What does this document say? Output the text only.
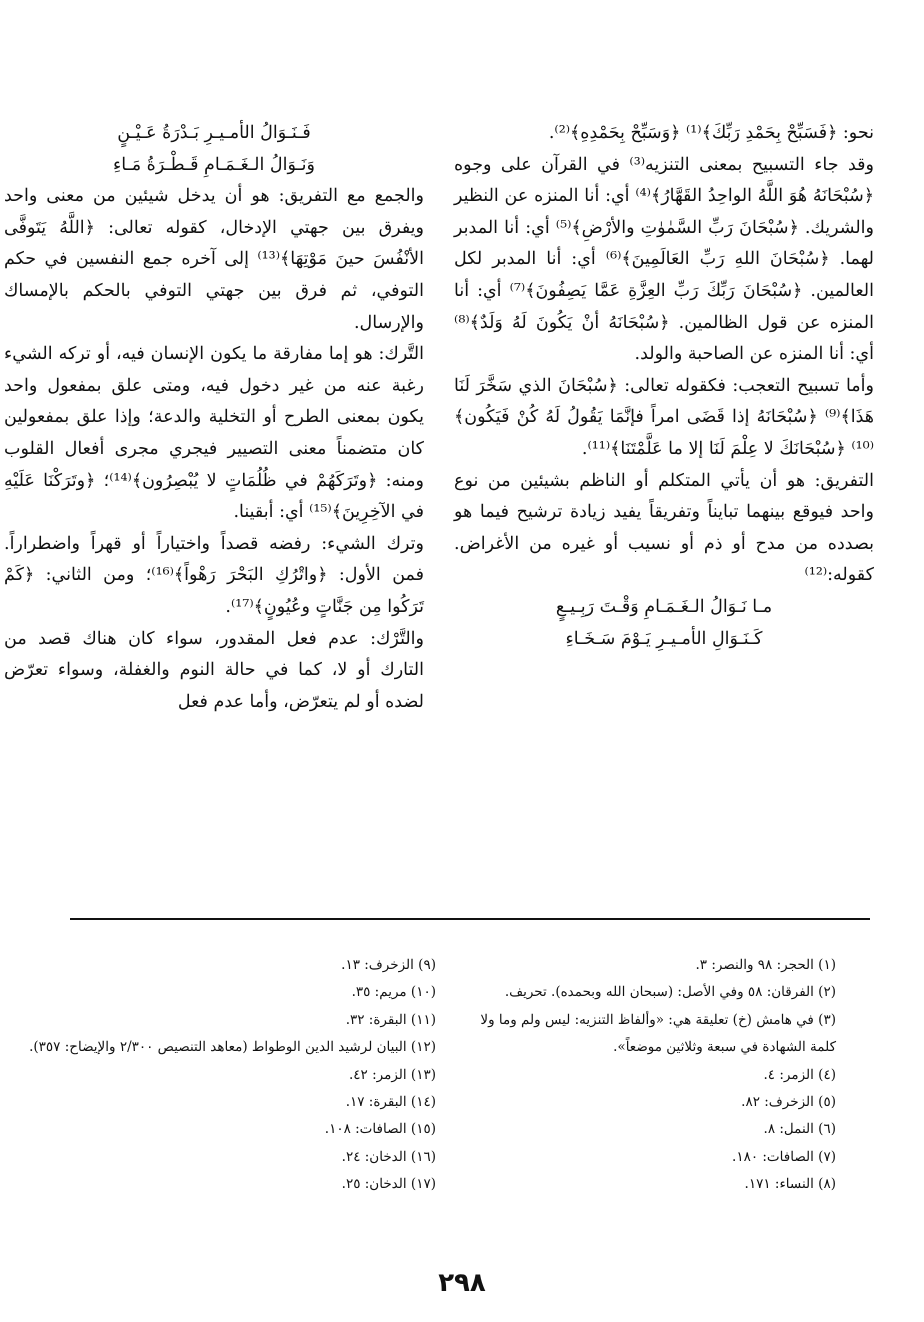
نحو: ﴿فَسَبِّحْ بِحَمْدِ رَبِّكَ﴾⁽¹⁾ ﴿وَسَبِّحْ بِحَمْدِهِ﴾⁽²⁾.

وقد جاء التسبيح بمعنى التنزيه⁽³⁾ في القرآن على وجوه ﴿سُبْحَانَهُ هُوَ اللَّهُ الواحِدُ القَهَّارُ﴾⁽⁴⁾ أي: أنا المنزه عن النظير والشريك. ﴿سُبْحَانَ رَبِّ السَّمٰوٰتِ والأرْضِ﴾⁽⁵⁾ أي: أنا المدبر لهما. ﴿سُبْحَانَ اللهِ رَبِّ العَالَمِينَ﴾⁽⁶⁾ أي: أنا المدبر لكل العالمين. ﴿سُبْحَانَ رَبِّكَ رَبِّ العِزَّةِ عَمَّا يَصِفُونَ﴾⁽⁷⁾ أي: أنا المنزه عن قول الظالمين. ﴿سُبْحَانَهُ أنْ يَكُونَ لَهُ وَلَدٌ﴾⁽⁸⁾ أي: أنا المنزه عن الصاحبة والولد.

وأما تسبيح التعجب: فكقوله تعالى: ﴿سُبْحَانَ الذي سَخَّرَ لَنَا هَذَا﴾⁽⁹⁾ ﴿سُبْحَانَهُ إذا قَضَى امراً فإنَّمَا يَقُولُ لَهُ كُنْ فَيَكُون﴾⁽¹⁰⁾ ﴿سُبْحَانَكَ لا عِلْمَ لَنَا إلا ما عَلَّمْتَنَا﴾⁽¹¹⁾.

التفريق: هو أن يأتي المتكلم أو الناظم بشيئين من نوع واحد فيوقع بينهما تبايناً وتفريقاً يفيد زيادة ترشيح فيما هو بصدده من مدح أو ذم أو نسيب أو غيره من الأغراض. كقوله:⁽¹²⁾

مـا نَـوَالُ الـغَـمَـامِ وَقْـتَ رَبِـيـعٍ

كَـنَـوَالِ الأمـيـرِ يَـوْمَ سَـخَـاءِ

فَـنَـوَالُ الأمـيـرِ بَـدْرَةُ عَـيْـنٍ

وَنَـوَالُ الـغَـمَـامِ قَـطْـرَةُ مَـاءِ

والجمع مع التفريق: هو أن يدخل شيئين من معنى واحد ويفرق بين جهتي الإدخال، كقوله تعالى: ﴿اللَّهُ يَتَوفَّى الأنْفُسَ حينَ مَوْتِهَا﴾⁽¹³⁾ إلى آخره جمع النفسين في حكم التوفي، ثم فرق بين جهتي التوفي بالحكم بالإمساك والإرسال.

التَّرك: هو إما مفارقة ما يكون الإنسان فيه، أو تركه الشيء رغبة عنه من غير دخول فيه، ومتى علق بمفعول واحد يكون بمعنى الطرح أو التخلية والدعة؛ وإذا علق بمفعولين كان متضمناً معنى التصيير فيجري مجرى أفعال القلوب ومنه: ﴿وتَرَكَهُمْ في ظُلُمَاتٍ لا يُبْصِرُون﴾⁽¹⁴⁾؛ ﴿وتَرَكْنَا عَلَيْهِ في الآخِرِينَ﴾⁽¹⁵⁾ أي: أبقينا.

وترك الشيء: رفضه قصداً واختياراً أو قهراً واضطراراً. فمن الأول: ﴿واتْرُكِ البَحْرَ رَهْواً﴾⁽¹⁶⁾؛ ومن الثاني: ﴿كَمْ تَرَكُوا مِن جَنَّاتٍ وعُيُونٍ﴾⁽¹⁷⁾.

والتَّرْك: عدم فعل المقدور، سواء كان هناك قصد من التارك أو لا، كما في حالة النوم والغفلة، وسواء تعرّض لضده أو لم يتعرّض، وأما عدم فعل

(١) الحجر: ٩٨ والنصر: ٣.

(٢) الفرقان: ٥٨ وفي الأصل: (سبحان الله وبحمده). تحريف.

(٣) في هامش (خ) تعليقة هي: «وألفاظ التنزيه: ليس ولم وما ولا كلمة الشهادة في سبعة وثلاثين موضعاً».

(٤) الزمر: ٤.

(٥) الزخرف: ٨٢.

(٦) النمل: ٨.

(٧) الصافات: ١٨٠.

(٨) النساء: ١٧١.

(٩) الزخرف: ١٣.

(١٠) مريم: ٣٥.

(١١) البقرة: ٣٢.

(١٢) البيان لرشيد الدين الوطواط (معاهد التنصيص ٢/٣٠٠ والإيضاح: ٣٥٧).

(١٣) الزمر: ٤٢.

(١٤) البقرة: ١٧.

(١٥) الصافات: ١٠٨.

(١٦) الدخان: ٢٤.

(١٧) الدخان: ٢٥.

٢٩٨
